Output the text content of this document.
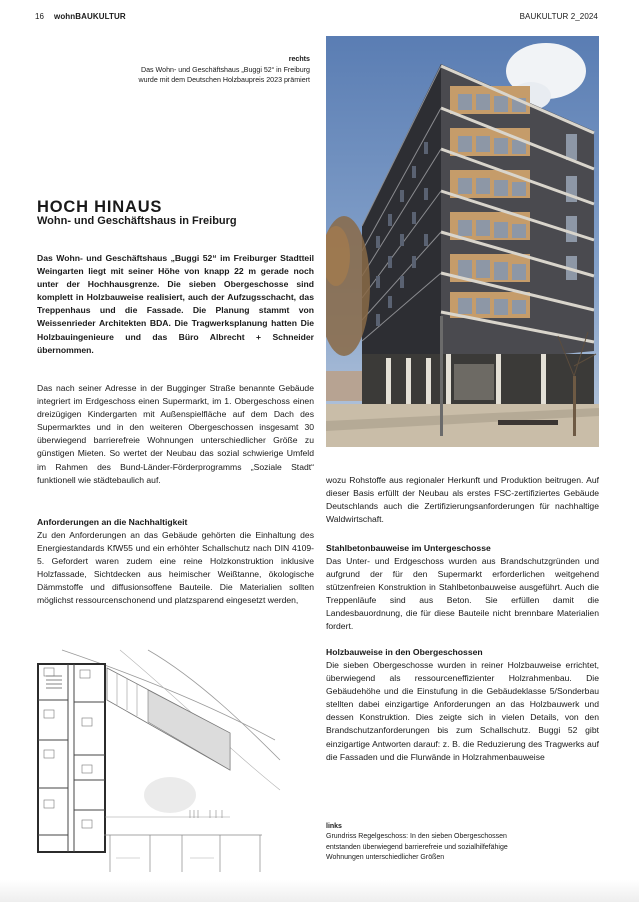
16 wohnBAUKULTUR	BAUKULTUR 2_2024
rechts
Das Wohn- und Geschäftshaus „Buggi 52“ in Freiburg
wurde mit dem Deutschen Holzbaupreis 2023 prämiert
HOCH HINAUS
Wohn- und Geschäftshaus in Freiburg

Das Wohn- und Geschäftshaus „Buggi 52“ im Freiburger Stadtteil Weingarten liegt mit seiner Höhe von knapp 22 m gerade noch unter der Hochhausgrenze. Die sieben Obergeschosse sind komplett in Holzbauweise realisiert, auch der Aufzugsschacht, das Treppenhaus und die Fassade. Die Planung stammt von Weissenrieder Architekten BDA. Die Tragwerksplanung hatten Die Holzbauingenieure und das Büro Albrecht + Schneider übernommen.

Das nach seiner Adresse in der Bugginger Straße benannte Gebäude integriert im Erdgeschoss einen Supermarkt, im 1. Obergeschoss einen dreizügigen Kindergarten mit Außenspielfläche auf dem Dach des Supermarktes und in den weiteren Obergeschossen insgesamt 30 überwiegend barrierefreie Wohnungen unterschiedlicher Größe zu günstigen Mieten. So wertet der Neubau das sozial schwierige Umfeld im Rahmen des Bund-Länder-Förderprogramms „Soziale Stadt“ funktionell wie städtebaulich auf.

Anforderungen an die Nachhaltigkeit

Zu den Anforderungen an das Gebäude gehörten die Einhaltung des Energiestandards KfW55 und ein erhöhter Schallschutz nach DIN 4109-5. Gefordert waren zudem eine reine Holzkonstruktion inklusive Holzfassade, Sichtdecken aus heimischer Weißtanne, ökologische Dämmstoffe und diffusionsoffene Bauteile. Die Materialien sollten möglichst ressourcenschonend und platzsparend eingesetzt werden,

wozu Rohstoffe aus regionaler Herkunft und Produktion beitrugen. Auf dieser Basis erfüllt der Neubau als erstes FSC-zertifiziertes Gebäude Deutschlands auch die Zertifizierungsanforderungen für nachhaltige Waldwirtschaft.

Stahlbetonbauweise im Untergeschosse

Das Unter- und Erdgeschoss wurden aus Brandschutzgründen und aufgrund der für den Supermarkt erforderlichen weitgehend stützenfreien Konstruktion in Stahlbetonbauweise ausgeführt. Auch die Treppenläufe sind aus Beton. Sie erfüllen damit die Landesbauordnung, die für diese Bauteile nicht brennbare Materialien fordert.

Holzbauweise in den Obergeschossen

Die sieben Obergeschosse wurden in reiner Holzbauweise errichtet, überwiegend als ressourceneffizienter Holzrahmenbau. Die Gebäudehöhe und die Einstufung in die Gebäudeklasse 5/Sonderbau stellten dabei einzigartige Anforderungen an das Holzbauwerk und dessen Konstruktion. Dies zeigte sich in vielen Details, von den Brandschutzanforderungen bis zum Schallschutz. Buggi 52 gibt einzigartige Antworten darauf: z. B. die Reduzierung des Tragwerks auf die Fassaden und die Flurwände in Holzrahmenbauweise

links
Grundriss Regelgeschoss: In den sieben Obergeschossen
entstanden überwiegend barrierefreie und sozialhilfefähige
Wohnungen unterschiedlicher Größen
